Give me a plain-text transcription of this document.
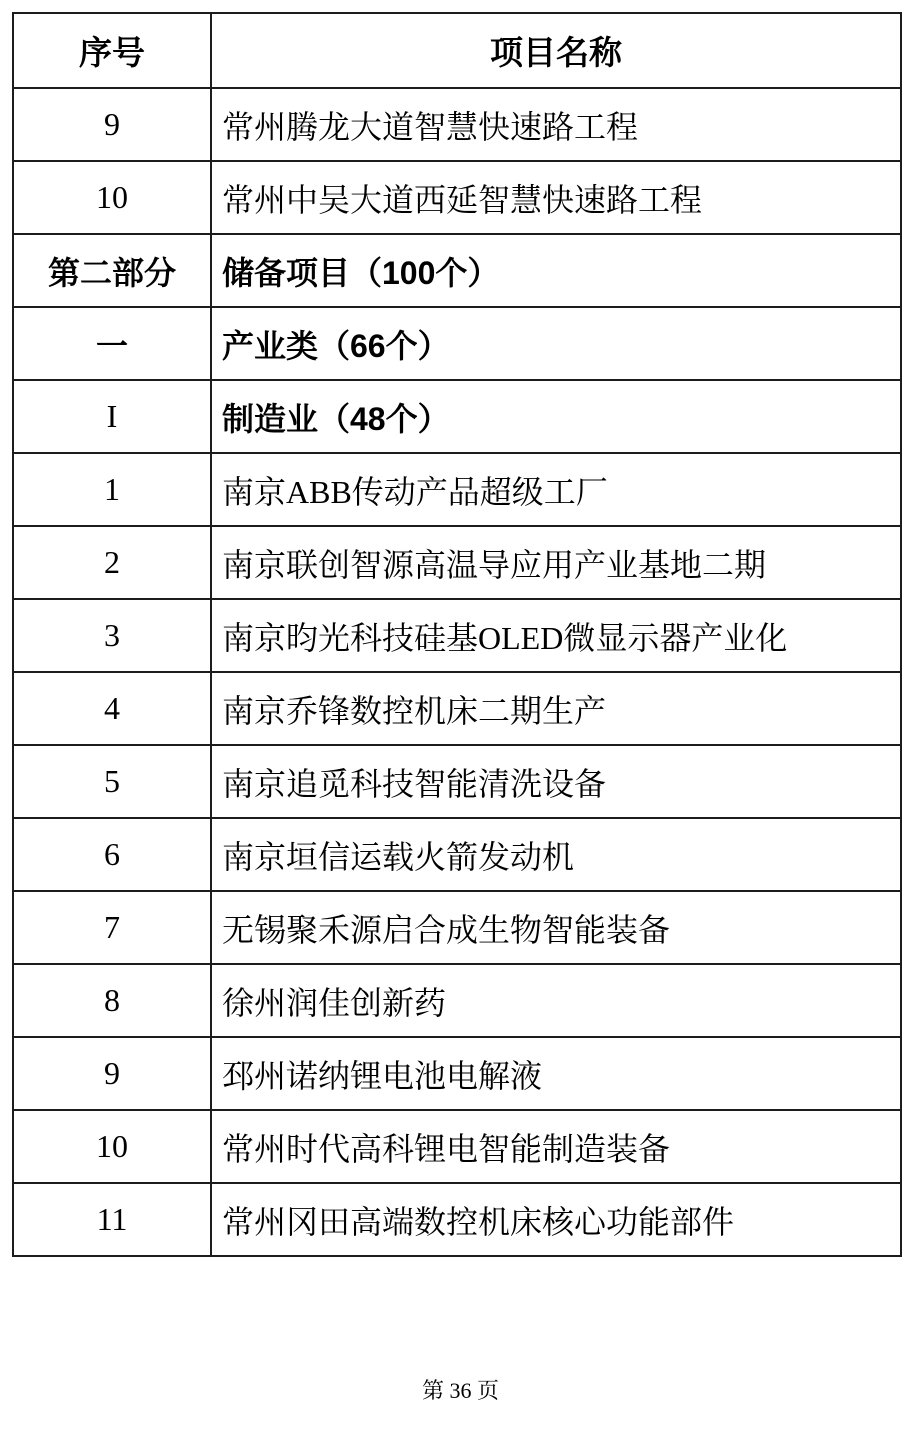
序号	项目名称
9	常州腾龙大道智慧快速路工程
10	常州中吴大道西延智慧快速路工程
第二部分	储备项目（100个）
一	产业类（66个）
I	制造业（48个）
1	南京ABB传动产品超级工厂
2	南京联创智源高温导应用产业基地二期
3	南京昀光科技硅基OLED微显示器产业化
4	南京乔锋数控机床二期生产
5	南京追觅科技智能清洗设备
6	南京垣信运载火箭发动机
7	无锡聚禾源启合成生物智能装备
8	徐州润佳创新药
9	邳州诺纳锂电池电解液
10	常州时代高科锂电智能制造装备
11	常州冈田高端数控机床核心功能部件
第 36 页
